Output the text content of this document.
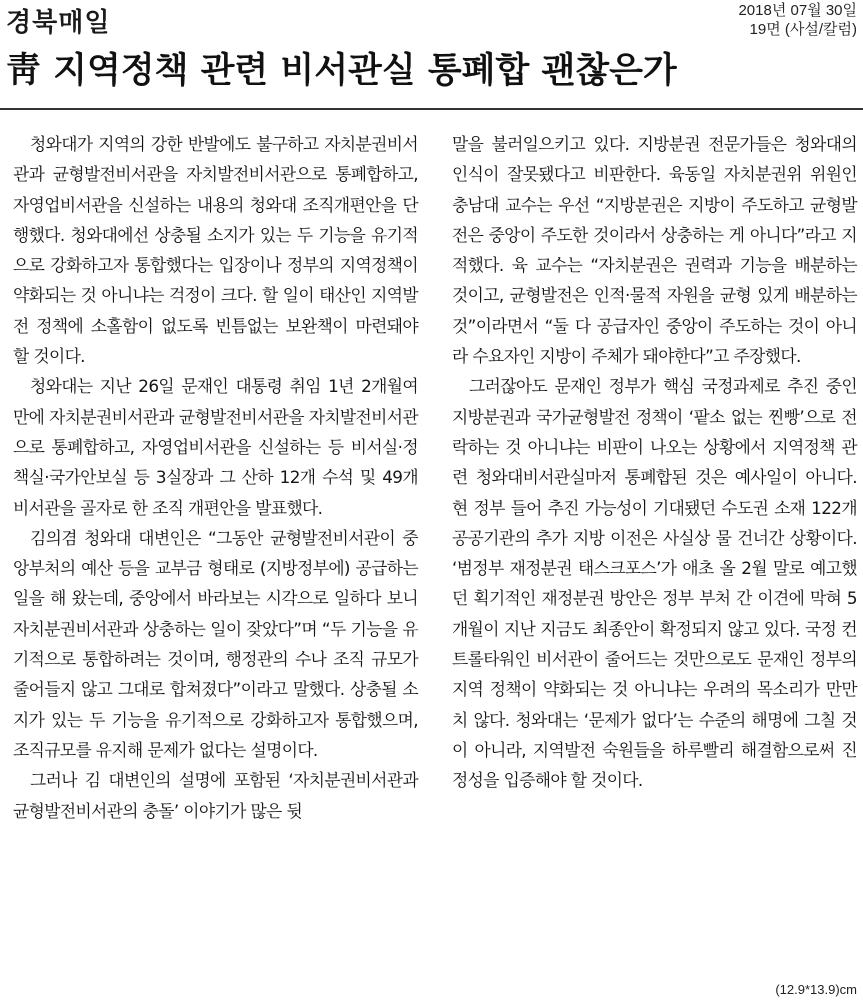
경북매일	2018년 07월 30일
19면 (사설/칼럼)
靑 지역정책 관련 비서관실 통폐합 괜찮은가

청와대가 지역의 강한 반발에도 불구하고 자치분권비서관과 균형발전비서관을 자치발전비서관으로 통폐합하고, 자영업비서관을 신설하는 내용의 청와대 조직개편안을 단행했다. 청와대에선 상충될 소지가 있는 두 기능을 유기적으로 강화하고자 통합했다는 입장이나 정부의 지역정책이 약화되는 것 아니냐는 걱정이 크다. 할 일이 태산인 지역발전 정책에 소홀함이 없도록 빈틈없는 보완책이 마련돼야 할 것이다.

청와대는 지난 26일 문재인 대통령 취임 1년 2개월여 만에 자치분권비서관과 균형발전비서관을 자치발전비서관으로 통폐합하고, 자영업비서관을 신설하는 등 비서실·정책실·국가안보실 등 3실장과 그 산하 12개 수석 및 49개 비서관을 골자로 한 조직 개편안을 발표했다.

김의겸 청와대 대변인은 “그동안 균형발전비서관이 중앙부처의 예산 등을 교부금 형태로 (지방정부에) 공급하는 일을 해 왔는데, 중앙에서 바라보는 시각으로 일하다 보니 자치분권비서관과 상충하는 일이 잦았다”며 “두 기능을 유기적으로 통합하려는 것이며, 행정관의 수나 조직 규모가 줄어들지 않고 그대로 합쳐졌다”이라고 말했다. 상충될 소지가 있는 두 기능을 유기적으로 강화하고자 통합했으며, 조직규모를 유지해 문제가 없다는 설명이다.

그러나 김 대변인의 설명에 포함된 ‘자치분권비서관과 균형발전비서관의 충돌’ 이야기가 많은 뒷

말을 불러일으키고 있다. 지방분권 전문가들은 청와대의 인식이 잘못됐다고 비판한다. 육동일 자치분권위 위원인 충남대 교수는 우선 “지방분권은 지방이 주도하고 균형발전은 중앙이 주도한 것이라서 상충하는 게 아니다”라고 지적했다. 육 교수는 “자치분권은 권력과 기능을 배분하는 것이고, 균형발전은 인적·물적 자원을 균형 있게 배분하는 것”이라면서 “둘 다 공급자인 중앙이 주도하는 것이 아니라 수요자인 지방이 주체가 돼야한다”고 주장했다.

그러잖아도 문재인 정부가 핵심 국정과제로 추진 중인 지방분권과 국가균형발전 정책이 ‘팥소 없는 찐빵’으로 전락하는 것 아니냐는 비판이 나오는 상황에서 지역정책 관련 청와대비서관실마저 통폐합된 것은 예사일이 아니다. 현 정부 들어 추진 가능성이 기대됐던 수도권 소재 122개 공공기관의 추가 지방 이전은 사실상 물 건너간 상황이다. ‘범정부 재정분권 태스크포스’가 애초 올 2월 말로 예고했던 획기적인 재정분권 방안은 정부 부처 간 이견에 막혀 5개월이 지난 지금도 최종안이 확정되지 않고 있다. 국정 컨트롤타워인 비서관이 줄어드는 것만으로도 문재인 정부의 지역 정책이 약화되는 것 아니냐는 우려의 목소리가 만만치 않다. 청와대는 ‘문제가 없다’는 수준의 해명에 그칠 것이 아니라, 지역발전 숙원들을 하루빨리 해결함으로써 진정성을 입증해야 할 것이다.

(12.9*13.9)cm
